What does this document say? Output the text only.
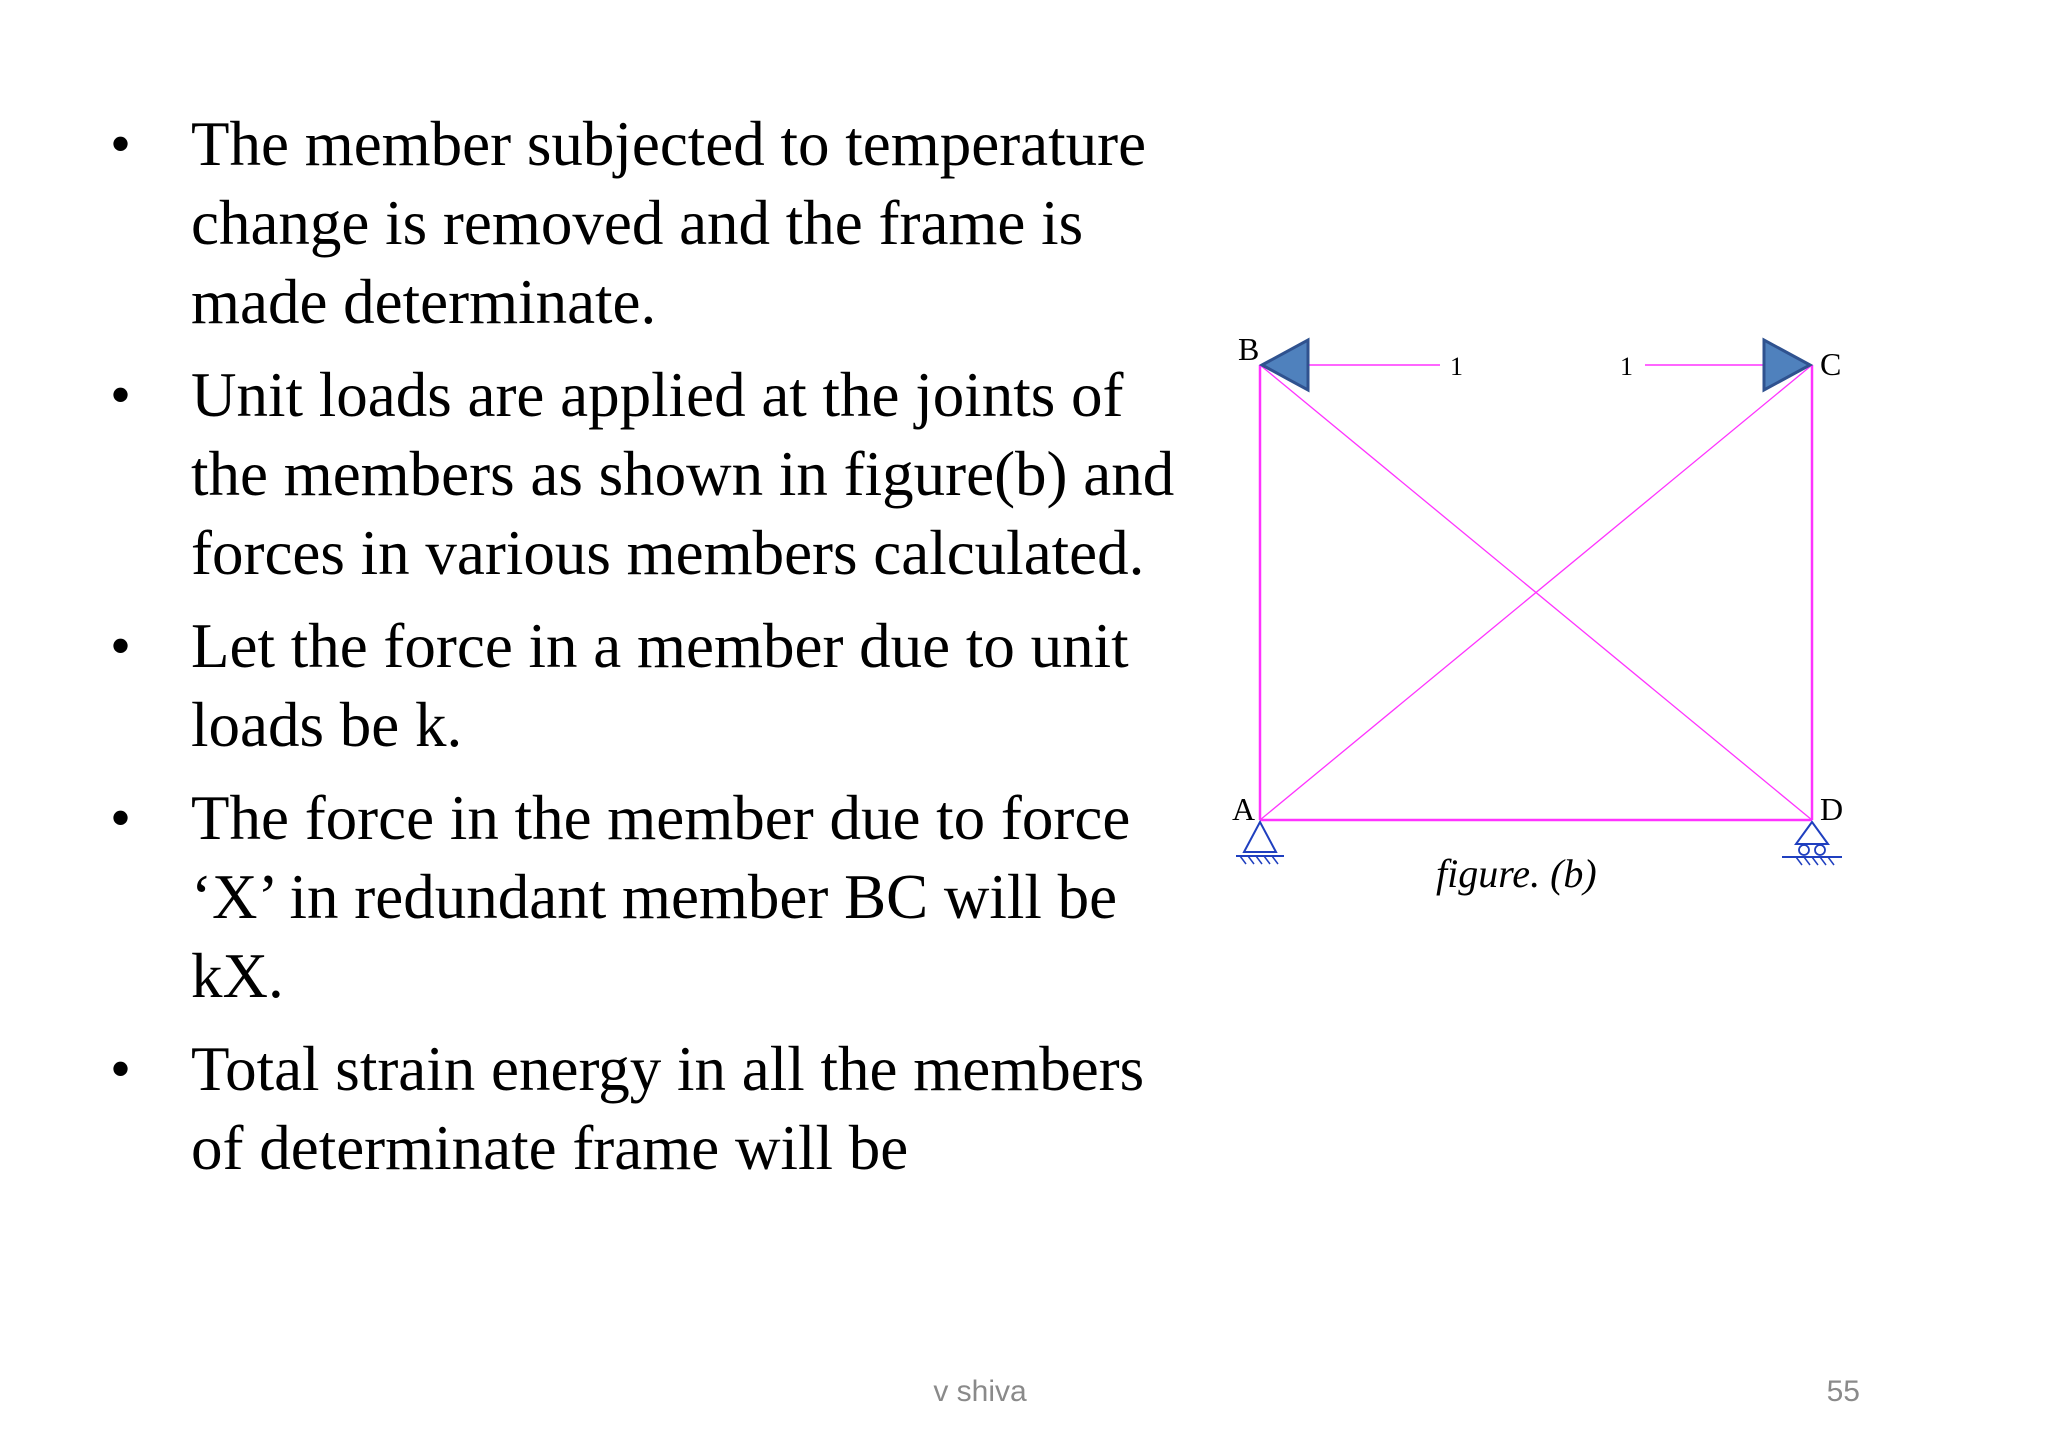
• The member subjected to temperature change is removed and the frame is made determinate.
• Unit loads are applied at the joints of the members as shown in figure(b) and forces in various members calculated.
• Let the force in a member due to unit loads be k.
• The force in the member due to force ‘X’ in redundant member BC will be kX.
• Total strain energy in all the members of determinate frame will be
1	1
B	C
A	D
figure. (b)
v shiva	55
